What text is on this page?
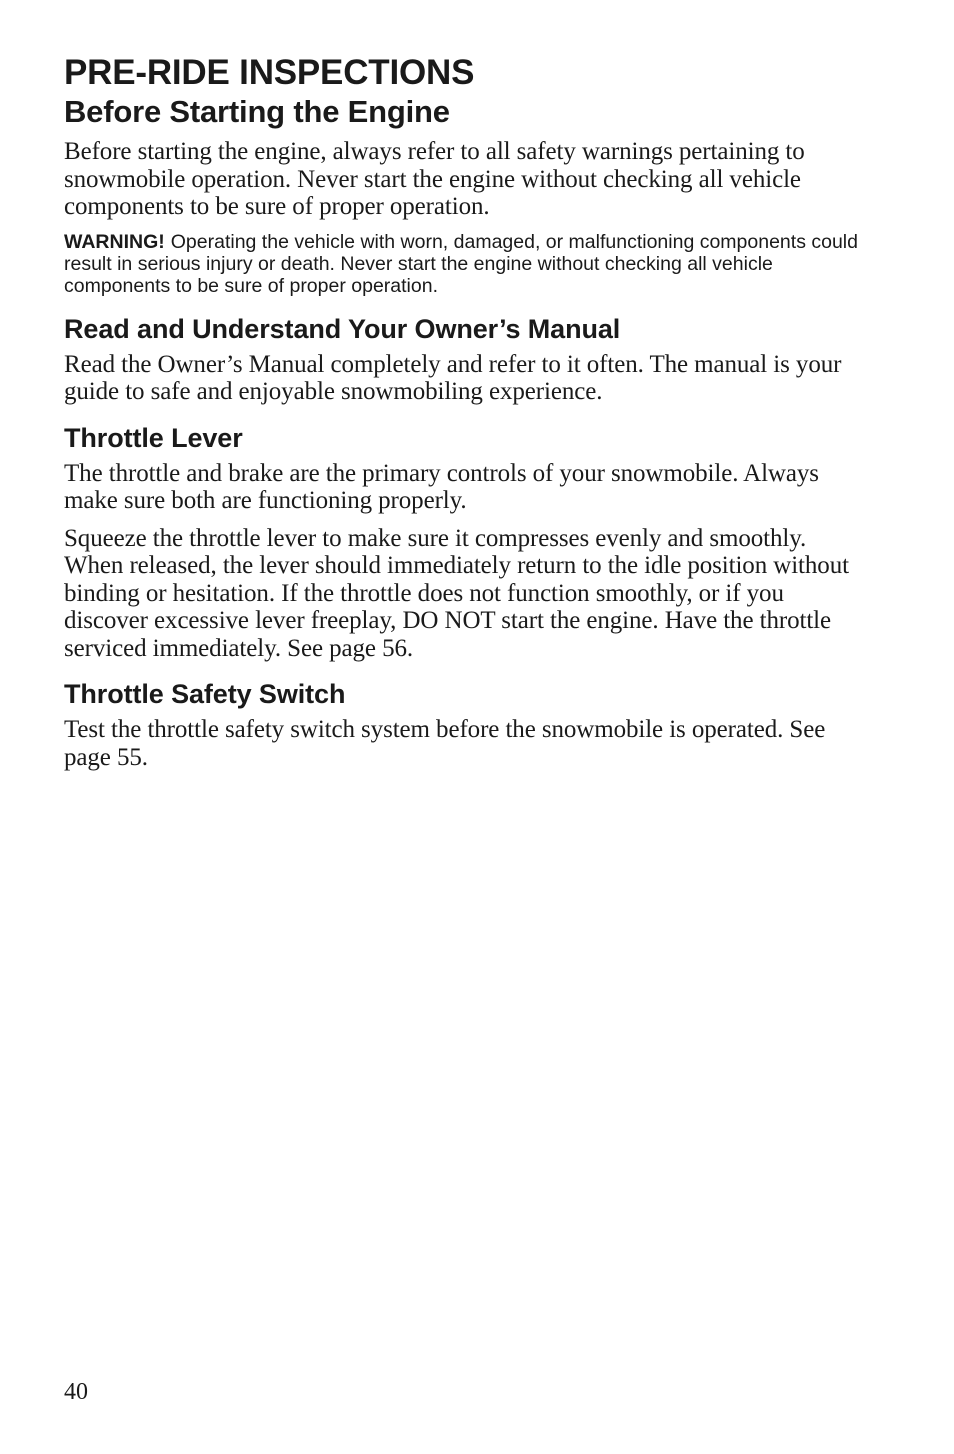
PRE-RIDE INSPECTIONS
Before Starting the Engine

Before starting the engine, always refer to all safety warnings pertaining to snowmobile operation. Never start the engine without checking all vehicle components to be sure of proper operation.

WARNING! Operating the vehicle with worn, damaged, or malfunctioning components could result in serious injury or death. Never start the engine without checking all vehicle components to be sure of proper operation.

Read and Understand Your Owner’s Manual

Read the Owner’s Manual completely and refer to it often. The manual is your guide to safe and enjoyable snowmobiling experience.

Throttle Lever

The throttle and brake are the primary controls of your snowmobile. Always make sure both are functioning properly.

Squeeze the throttle lever to make sure it compresses evenly and smoothly. When released, the lever should immediately return to the idle position without binding or hesitation. If the throttle does not function smoothly, or if you discover excessive lever freeplay, DO NOT start the engine. Have the throttle serviced immediately. See page 56.

Throttle Safety Switch

Test the throttle safety switch system before the snowmobile is operated. See page 55.

40
